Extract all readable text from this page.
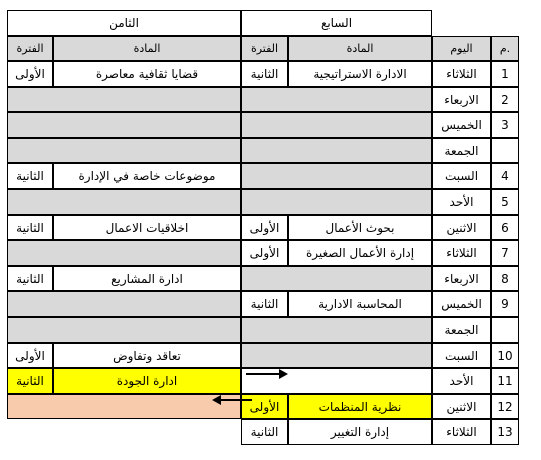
الثامن	السابع
م.
اليوم
المادة
الفترة
المادة
الفترة
1
الثلاثاء
الادارة الاستراتيجية
الثانية
قضايا ثقافية معاصرة
الأولى
2
الاربعاء
3
الخميس
الجمعة
4
السبت
موضوعات خاصة في الإدارة
الثانية
5
الأحد
6
الاثنين
بحوث الأعمال
الأولى
اخلاقيات الاعمال
الثانية
7
الثلاثاء
إدارة الأعمال الصغيرة
الأولى
8
الاربعاء
ادارة المشاريع
الثانية
9
الخميس
المحاسبة الادارية
الثانية
الجمعة
10
السبت
تعاقد وتفاوض
الأولى
11
الأحد
ادارة الجودة
الثانية
12
الاثنين
نظرية المنظمات
الأولى
13
الثلاثاء
إدارة التغيير
الثانية
